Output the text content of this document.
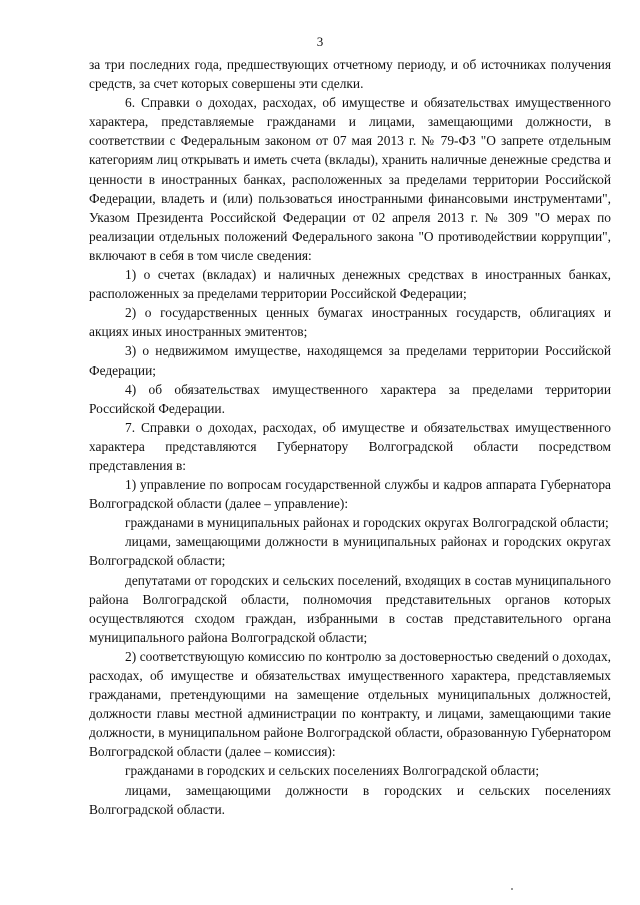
3

за три последних года, предшествующих отчетному периоду, и об источниках получения средств, за счет которых совершены эти сделки.

6. Справки о доходах, расходах, об имуществе и обязательствах имущественного характера, представляемые гражданами и лицами, замещающими должности, в соответствии с Федеральным законом от 07 мая 2013 г. № 79-ФЗ "О запрете отдельным категориям лиц открывать и иметь счета (вклады), хранить наличные денежные средства и ценности в иностранных банках, расположенных за пределами территории Российской Федерации, владеть и (или) пользоваться иностранными финансовыми инструментами", Указом Президента Российской Федерации от 02 апреля 2013 г. № 309 "О мерах по реализации отдельных положений Федерального закона "О противодействии коррупции", включают в себя в том числе сведения:

1) о счетах (вкладах) и наличных денежных средствах в иностранных банках, расположенных за пределами территории Российской Федерации;

2) о государственных ценных бумагах иностранных государств, облигациях и акциях иных иностранных эмитентов;

3) о недвижимом имуществе, находящемся за пределами территории Российской Федерации;

4) об обязательствах имущественного характера за пределами территории Российской Федерации.

7. Справки о доходах, расходах, об имуществе и обязательствах имущественного характера представляются Губернатору Волгоградской области посредством представления в:

1) управление по вопросам государственной службы и кадров аппарата Губернатора Волгоградской области (далее – управление):

гражданами в муниципальных районах и городских округах Волгоградской области;

лицами, замещающими должности в муниципальных районах и городских округах Волгоградской области;

депутатами от городских и сельских поселений, входящих в состав муниципального района Волгоградской области, полномочия представительных органов которых осуществляются сходом граждан, избранными в состав представительного органа муниципального района Волгоградской области;

2) соответствующую комиссию по контролю за достоверностью сведений о доходах, расходах, об имуществе и обязательствах имущественного характера, представляемых гражданами, претендующими на замещение отдельных муниципальных должностей, должности главы местной администрации по контракту, и лицами, замещающими такие должности, в муниципальном районе Волгоградской области, образованную Губернатором Волгоградской области (далее – комиссия):

гражданами в городских и сельских поселениях Волгоградской области;

лицами, замещающими должности в городских и сельских поселениях Волгоградской области.
